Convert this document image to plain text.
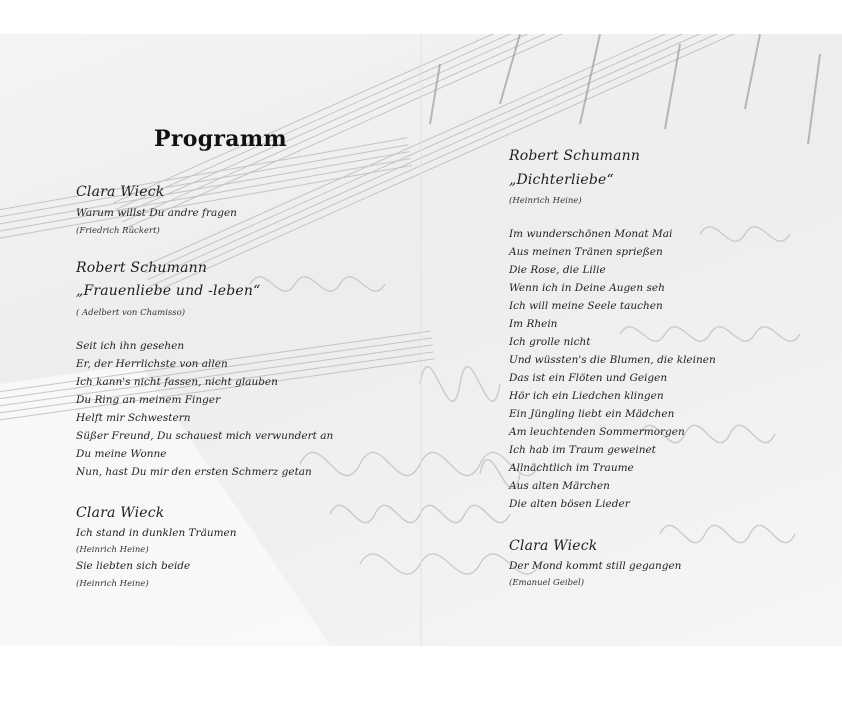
Programm
Clara Wieck
Warum willst Du andre fragen
(Friedrich Rückert)
Robert Schumann
„Frauenliebe und -leben“
( Adelbert von Chamisso)
Seit ich ihn gesehen
Er, der Herrlichste von allen
Ich kann's nicht fassen, nicht glauben
Du Ring an meinem Finger
Helft mir Schwestern
Süßer Freund, Du schauest mich verwundert an
Du meine Wonne
Nun, hast Du mir den ersten Schmerz getan
Clara Wieck
Ich stand in dunklen Träumen
(Heinrich Heine)
Sie liebten sich beide
(Heinrich Heine)
Robert Schumann
„Dichterliebe“
(Heinrich Heine)
Im wunderschönen Monat Mai
Aus meinen Tränen sprießen
Die Rose, die Lilie
Wenn ich in Deine Augen seh
Ich will meine Seele tauchen
Im Rhein
Ich grolle nicht
Und wüssten's die Blumen, die kleinen
Das ist ein Flöten und Geigen
Hör ich ein Liedchen klingen
Ein Jüngling liebt ein Mädchen
Am leuchtenden Sommermorgen
Ich hab im Traum geweinet
Allnächtlich im Traume
Aus alten Märchen
Die alten bösen Lieder
Clara Wieck
Der Mond kommt still gegangen
(Emanuel Geibel)
